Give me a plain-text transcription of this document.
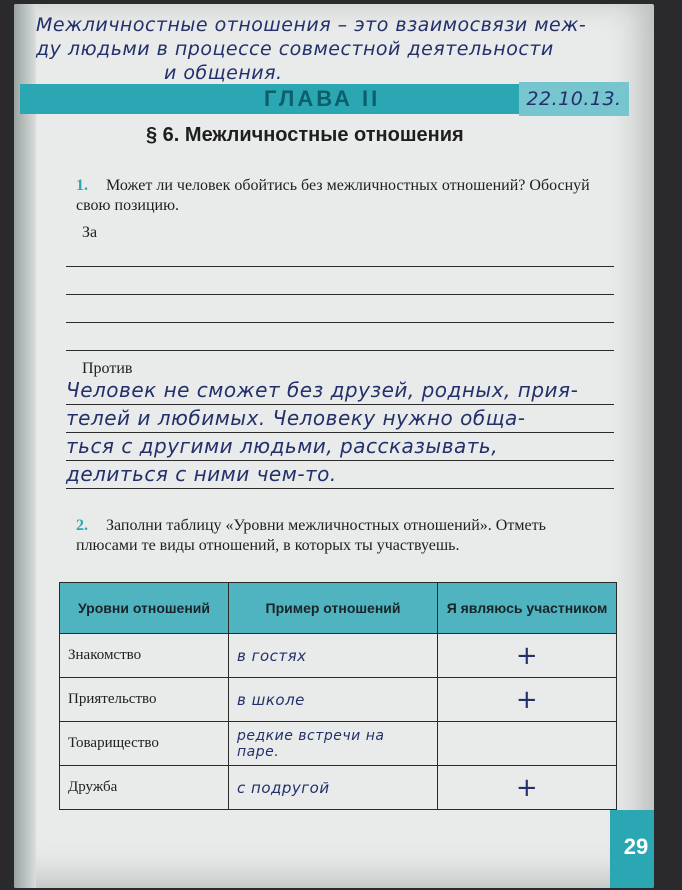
Межличностные отношения – это взаимосвязи меж-
ду людьми в процессе совместной деятельности
и общения.
ГЛАВА II	22.10.13.
§ 6. Межличностные отношения
1. Может ли человек обойтись без межличностных отношений? Обоснуй свою позицию.
За
Против
Человек не сможет без друзей, родных, прия-
телей и любимых. Человеку нужно обща-
ться с другими людьми, рассказывать,
делиться с ними чем-то.
2. Заполни таблицу «Уровни межличностных отношений». Отметь плюсами те виды отношений, в которых ты участвуешь.
Уровни отношений	Пример отношений	Я являюсь участником
Знакомство	в гостях	+
Приятельство	в школе	+
Товарищество	редкие встречи на паре.	
Дружба	с подругой	+
29
